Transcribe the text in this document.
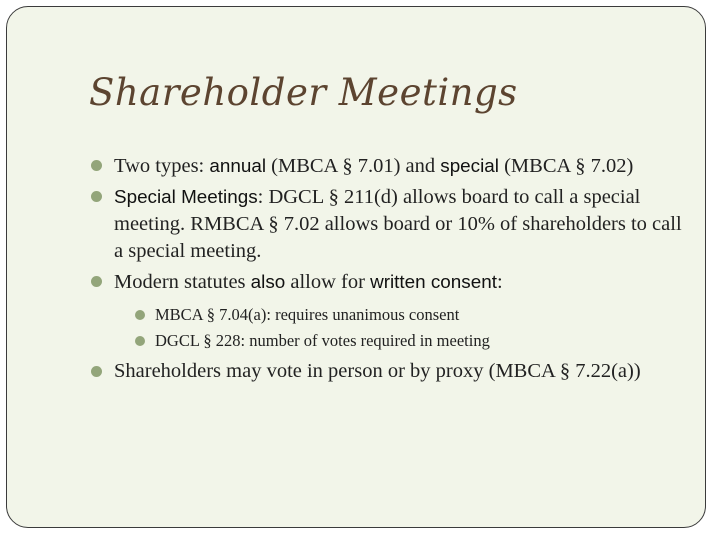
Shareholder Meetings
Two types: annual (MBCA § 7.01) and special (MBCA § 7.02)
Special Meetings: DGCL § 211(d) allows board to call a special meeting. RMBCA § 7.02 allows board or 10% of shareholders to call a special meeting.
Modern statutes also allow for written consent:
MBCA § 7.04(a): requires unanimous consent
DGCL § 228: number of votes required in meeting
Shareholders may vote in person or by proxy (MBCA § 7.22(a))
